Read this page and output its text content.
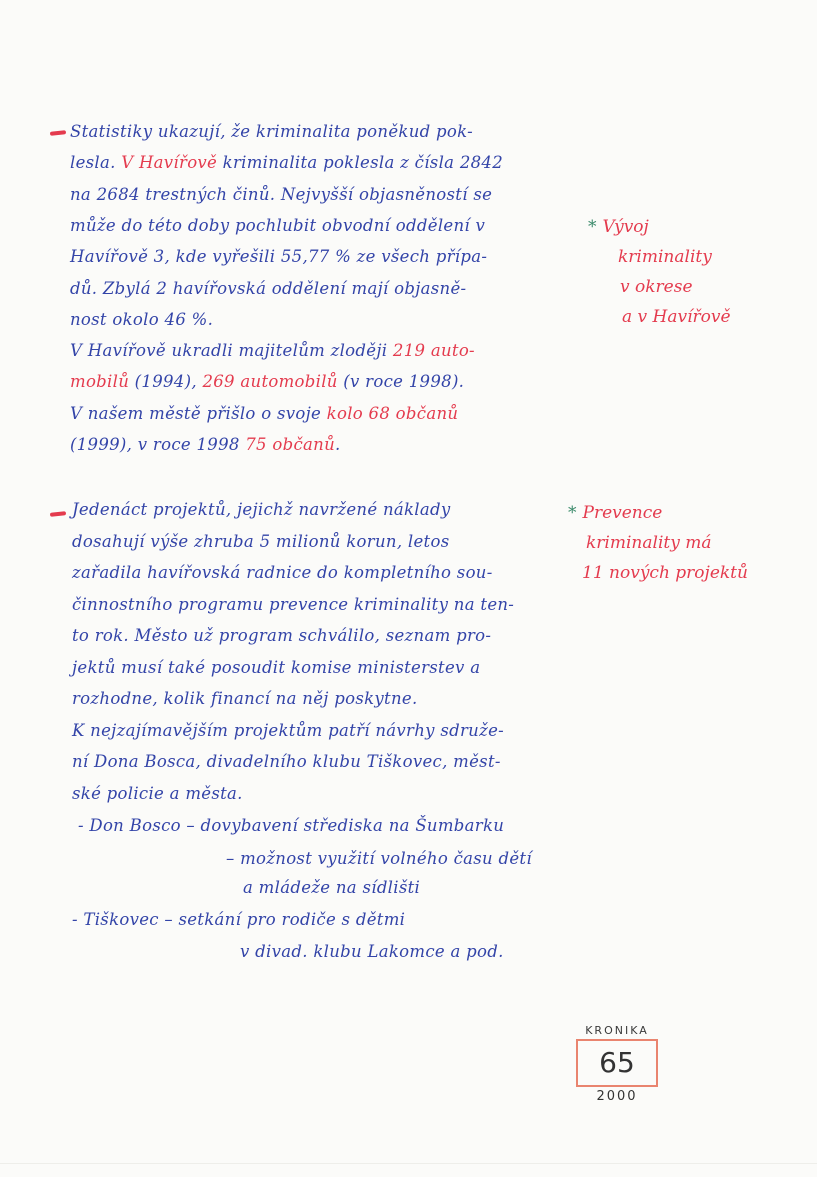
Statistiky ukazují, že kriminalita poněkud pok-
lesla. V Havířově kriminalita poklesla z čísla 2842
na 2684 trestných činů. Nejvyšší objasněností se
může do této doby pochlubit obvodní oddělení v
Havířově 3, kde vyřešili 55,77 % ze všech přípa-
dů. Zbylá 2 havířovská oddělení mají objasně-
nost okolo 46 %.
V Havířově ukradli majitelům zloději 219 auto-
mobilů (1994), 269 automobilů (v roce 1998).
V našem městě přišlo o svoje kolo 68 občanů
(1999), v roce 1998 75 občanů.
Jedenáct projektů, jejichž navržené náklady
dosahují výše zhruba 5 milionů korun, letos
zařadila havířovská radnice do kompletního sou-
činnostního programu prevence kriminality na ten-
to rok. Město už program schválilo, seznam pro-
jektů musí také posoudit komise ministerstev a
rozhodne, kolik financí na něj poskytne.
K nejzajímavějším projektům patří návrhy sdruže-
ní Dona Bosca, divadelního klubu Tiškovec, měst-
ské policie a města.
- Don Bosco – dovybavení střediska na Šumbarku
– možnost využití volného času dětí
a mládeže na sídlišti
- Tiškovec – setkání pro rodiče s dětmi
v divad. klubu Lakomce a pod.
* Vývoj
kriminality
v okrese
a v Havířově
* Prevence
kriminality má
11 nových projektů
KRONIKA
65
2000
